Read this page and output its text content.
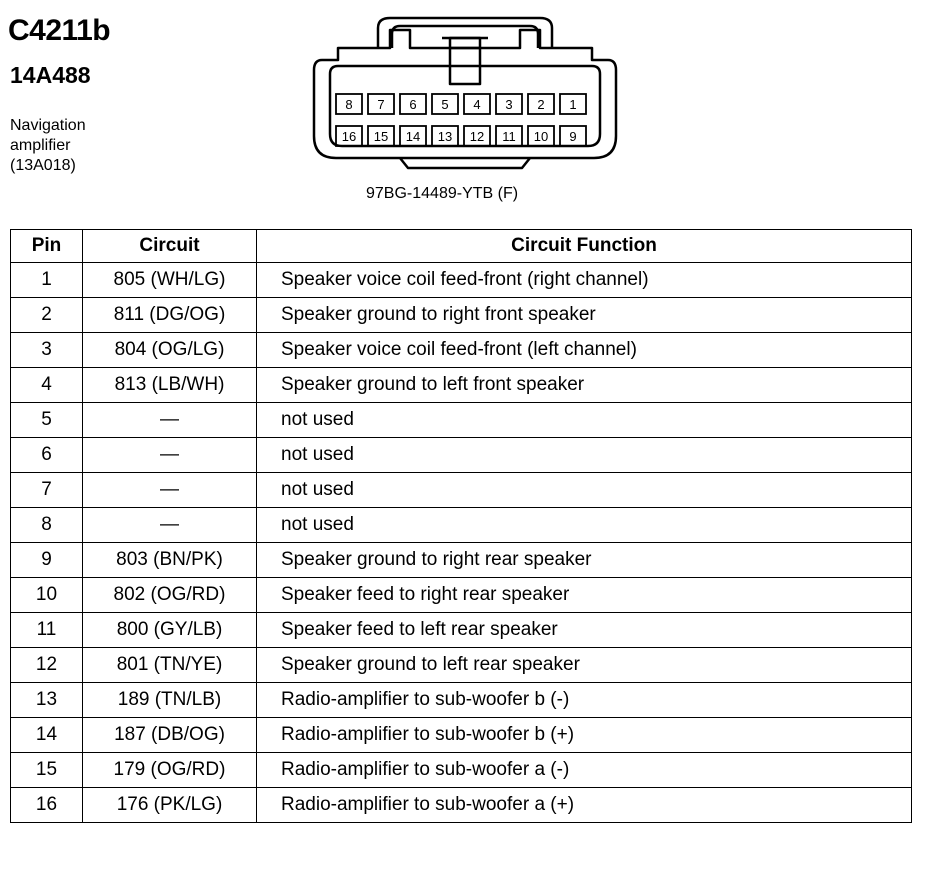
C4211b
14A488
Navigation
amplifier
(13A018)
8 7 6 5 4 3 2 1
16 15 14 13 12 11 10 9
97BG-14489-YTB (F)
Pin	Circuit	Circuit Function
1	805 (WH/LG)	Speaker voice coil feed-front (right channel)
2	811 (DG/OG)	Speaker ground to right front speaker
3	804 (OG/LG)	Speaker voice coil feed-front (left channel)
4	813 (LB/WH)	Speaker ground to left front speaker
5	—	not used
6	—	not used
7	—	not used
8	—	not used
9	803 (BN/PK)	Speaker ground to right rear speaker
10	802 (OG/RD)	Speaker feed to right rear speaker
11	800 (GY/LB)	Speaker feed to left rear speaker
12	801 (TN/YE)	Speaker ground to left rear speaker
13	189 (TN/LB)	Radio-amplifier to sub-woofer b (-)
14	187 (DB/OG)	Radio-amplifier to sub-woofer b (+)
15	179 (OG/RD)	Radio-amplifier to sub-woofer a (-)
16	176 (PK/LG)	Radio-amplifier to sub-woofer a (+)
